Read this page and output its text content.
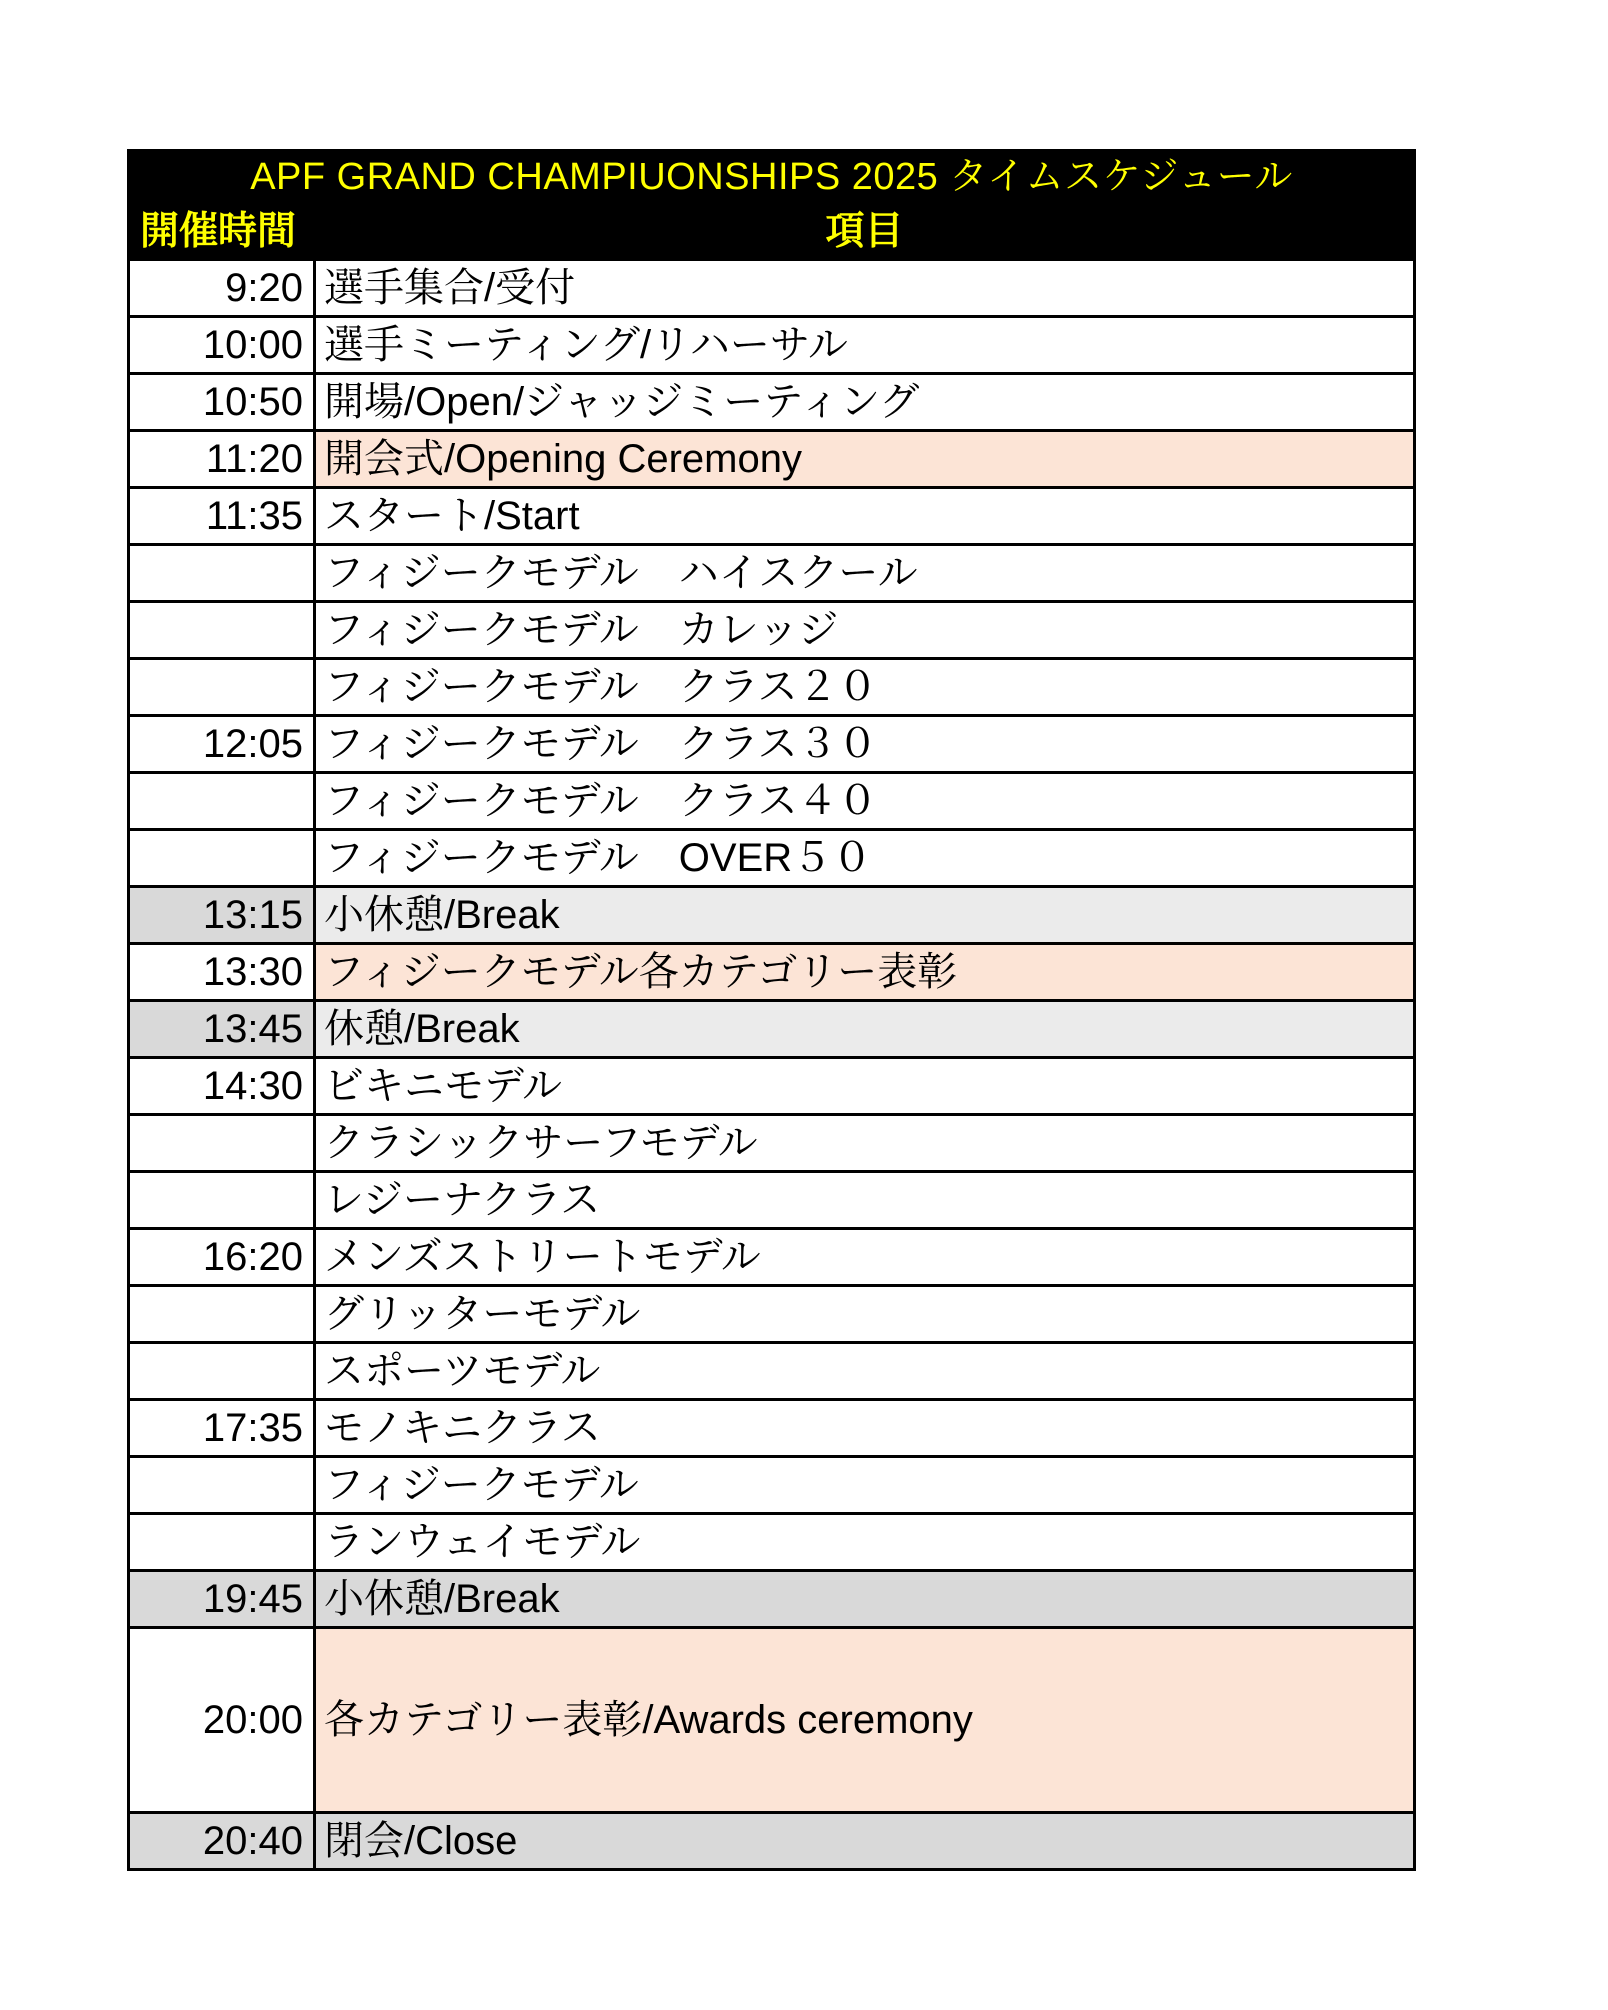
APF GRAND CHAMPIUONSHIPS 2025 タイムスケジュール	
開催時間	項目
9:20	選手集合/受付
10:00	選手ミーティング/リハーサル
10:50	開場/Open/ジャッジミーティング
11:20	開会式/Opening Ceremony
11:35	スタート/Start
	フィジークモデル　ハイスクール
	フィジークモデル　カレッジ
	フィジークモデル　クラス２０
12:05	フィジークモデル　クラス３０
	フィジークモデル　クラス４０
	フィジークモデル　OVER５０
13:15	小休憩/Break
13:30	フィジークモデル各カテゴリー表彰
13:45	休憩/Break
14:30	ビキニモデル
	クラシックサーフモデル
	レジーナクラス
16:20	メンズストリートモデル
	グリッターモデル
	スポーツモデル
17:35	モノキニクラス
	フィジークモデル
	ランウェイモデル
19:45	小休憩/Break
20:00	各カテゴリー表彰/Awards ceremony
20:40	閉会/Close
